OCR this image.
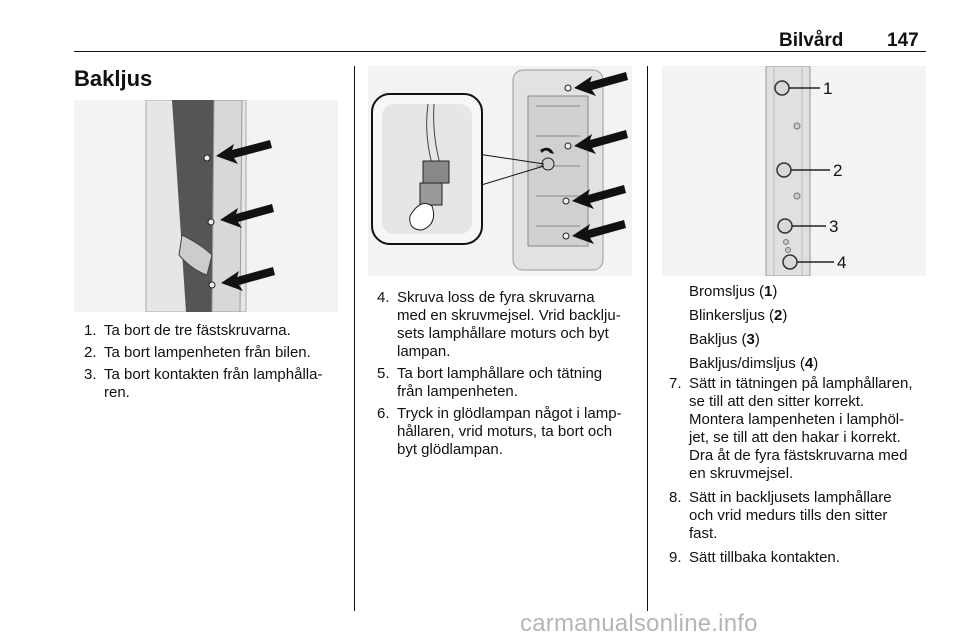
Bilvård 147
Bakljus
1. Ta bort de tre fästskruvarna.
2. Ta bort lampenheten från bilen.
3. Ta bort kontakten från lamphålla-
ren.
4. Skruva loss de fyra skruvarna
med en skruvmejsel. Vrid backlju-
sets lamphållare moturs och byt
lampan.
5. Ta bort lamphållare och tätning
från lampenheten.
6. Tryck in glödlampan något i lamp-
hållaren, vrid moturs, ta bort och
byt glödlampan.
1
2
3
4
Bromsljus (1)
Blinkersljus (2)
Bakljus (3)
Bakljus/dimsljus (4)
7. Sätt in tätningen på lamphållaren,
se till att den sitter korrekt.
Montera lampenheten i lamphöl-
jet, se till att den hakar i korrekt.
Dra åt de fyra fästskruvarna med
en skruvmejsel.
8. Sätt in backljusets lamphållare
och vrid medurs tills den sitter
fast.
9. Sätt tillbaka kontakten.
carmanualsonline.info
